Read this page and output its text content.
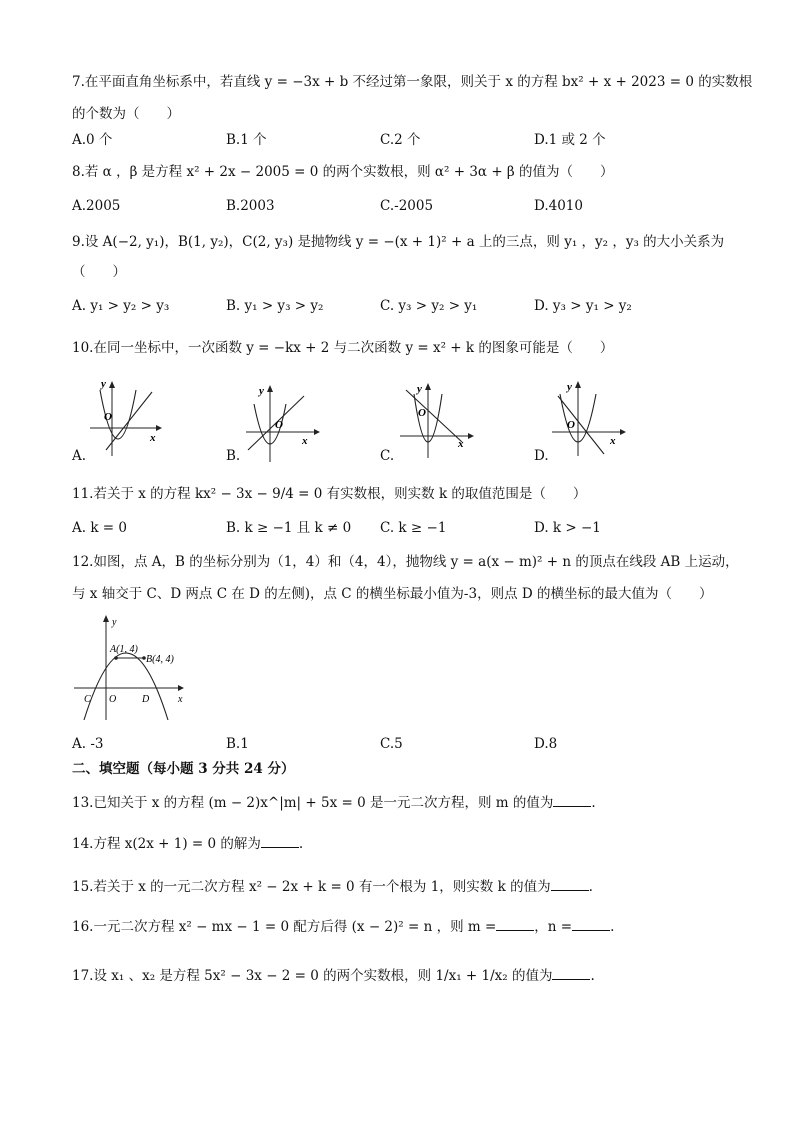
7.在平面直角坐标系中，若直线 y = −3x + b 不经过第一象限，则关于 x 的方程 bx² + x + 2023 = 0 的实数根
的个数为（　　）
A.0 个	B.1 个	C.2 个	D.1 或 2 个
8.若 α ，β 是方程 x² + 2x − 2005 = 0 的两个实数根，则 α² + 3α + β 的值为（　　）
A.2005	B.2003	C.-2005	D.4010
9.设 A(−2, y₁)，B(1, y₂)，C(2, y₃) 是抛物线 y = −(x + 1)² + a 上的三点，则 y₁ ，y₂ ，y₃ 的大小关系为
（　　）
A. y₁ > y₂ > y₃	B. y₁ > y₃ > y₂	C. y₃ > y₂ > y₁	D. y₃ > y₁ > y₂
10.在同一坐标中，一次函数 y = −kx + 2 与二次函数 y = x² + k 的图象可能是（　　）
y
x
O
A.
y
x
O
B.
y
x
O
C.
y
x
O
D.
11.若关于 x 的方程 kx² − 3x − 9/4 = 0 有实数根，则实数 k 的取值范围是（　　）
A. k = 0	B. k ≥ −1 且 k ≠ 0 C. k ≥ −1	D. k > −1
12.如图，点 A，B 的坐标分别为（1，4）和（4，4），抛物线 y = a(x − m)² + n 的顶点在线段 AB 上运动，
与 x 轴交于 C、D 两点 C 在 D 的左侧)，点 C 的横坐标最小值为-3，则点 D 的横坐标的最大值为（　　）
A(1, 4)
B(4, 4)
C O	D	x
y
A. -3	B.1	C.5	D.8
二、填空题（每小题 3 分共 24 分）
13.已知关于 x 的方程 (m − 2)x^|m| + 5x = 0 是一元二次方程，则 m 的值为	.
14.方程 x(2x + 1) = 0 的解为	.
15.若关于 x 的一元二次方程 x² − 2x + k = 0 有一个根为 1，则实数 k 的值为	.
16.一元二次方程 x² − mx − 1 = 0 配方后得 (x − 2)² = n ，则 m =	，n =	.
17.设 x₁ 、x₂ 是方程 5x² − 3x − 2 = 0 的两个实数根，则 1/x₁ + 1/x₂ 的值为	.
